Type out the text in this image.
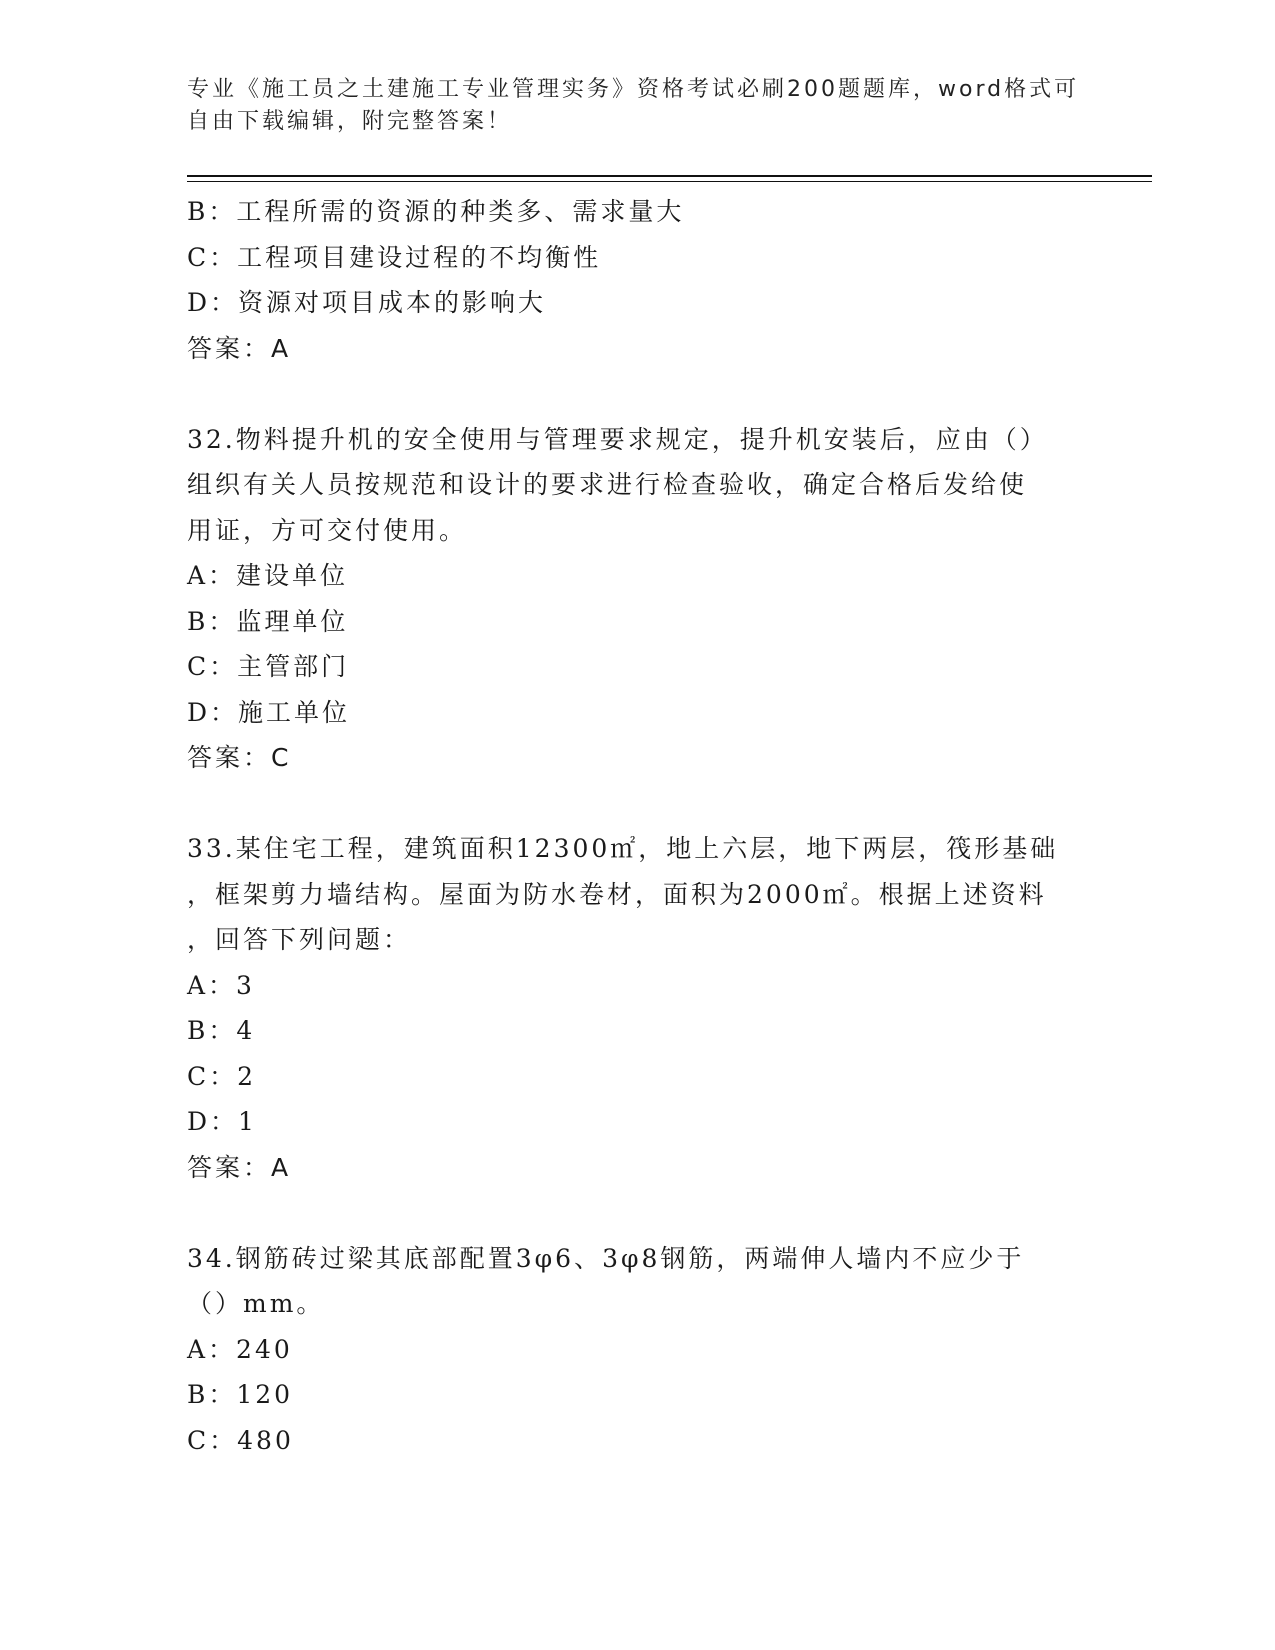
专业《施工员之土建施工专业管理实务》资格考试必刷200题题库，word格式可
自由下载编辑，附完整答案！
B：工程所需的资源的种类多、需求量大
C：工程项目建设过程的不均衡性
D：资源对项目成本的影响大
答案：A
32.物料提升机的安全使用与管理要求规定，提升机安装后，应由（）
组织有关人员按规范和设计的要求进行检查验收，确定合格后发给使
用证，方可交付使用。
A：建设单位
B：监理单位
C：主管部门
D：施工单位
答案：C
33.某住宅工程，建筑面积12300㎡，地上六层，地下两层，筏形基础
，框架剪力墙结构。屋面为防水卷材，面积为2000㎡。根据上述资料
，回答下列问题：
A：3
B：4
C：2
D：1
答案：A
34.钢筋砖过梁其底部配置3φ6、3φ8钢筋，两端伸人墙内不应少于
（）mm。
A：240
B：120
C：480
